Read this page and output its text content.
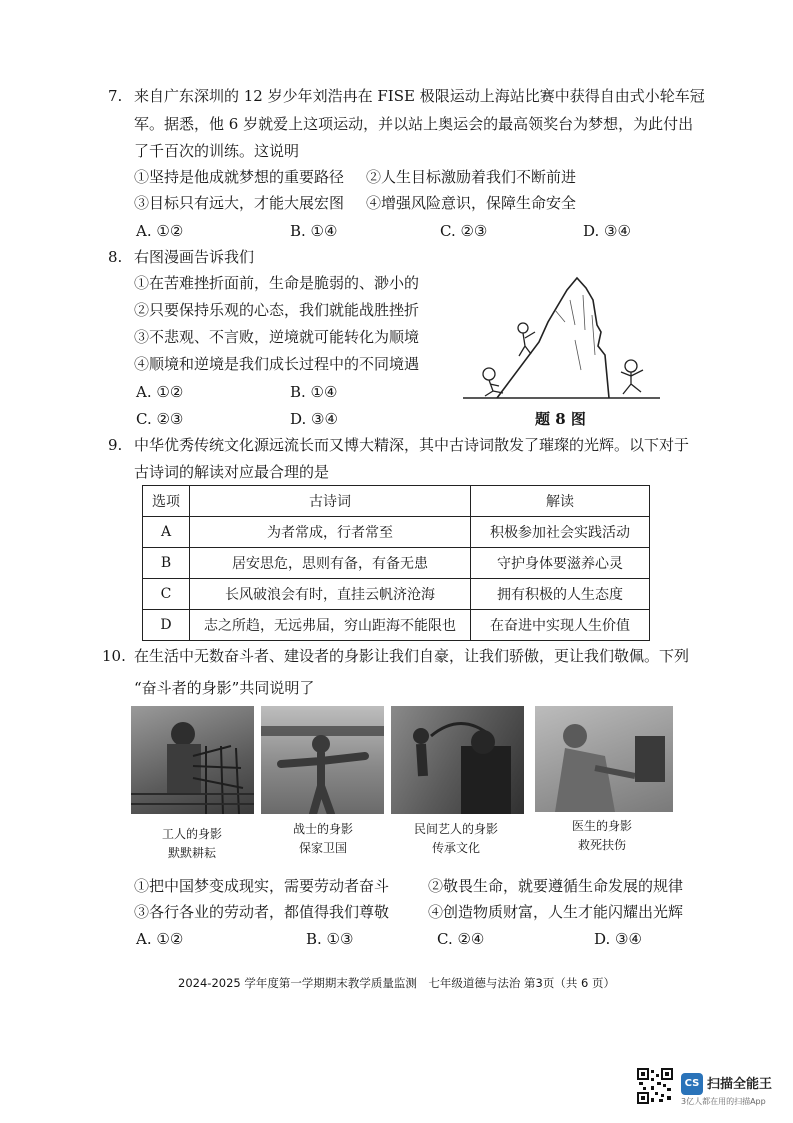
7. 来自广东深圳的 12 岁少年刘浩冉在 FISE 极限运动上海站比赛中获得自由式小轮车冠
军。据悉，他 6 岁就爱上这项运动，并以站上奥运会的最高领奖台为梦想，为此付出
了千百次的训练。这说明
①坚持是他成就梦想的重要路径 ②人生目标激励着我们不断前进
③目标只有远大，才能大展宏图 ④增强风险意识，保障生命安全
A. ①②	B. ①④	C. ②③	D. ③④
8. 右图漫画告诉我们
①在苦难挫折面前，生命是脆弱的、渺小的
②只要保持乐观的心态，我们就能战胜挫折
③不悲观、不言败，逆境就可能转化为顺境
④顺境和逆境是我们成长过程中的不同境遇
A. ①②	B. ①④
C. ②③	D. ③④	题 8 图
9. 中华优秀传统文化源远流长而又博大精深，其中古诗词散发了璀璨的光辉。以下对于
古诗词的解读对应最合理的是
选项	古诗词	解读
A	为者常成，行者常至	积极参加社会实践活动
B	居安思危，思则有备，有备无患	守护身体要滋养心灵
C	长风破浪会有时，直挂云帆济沧海	拥有积极的人生态度
D	志之所趋，无远弗届，穷山距海不能限也	在奋进中实现人生价值
10. 在生活中无数奋斗者、建设者的身影让我们自豪，让我们骄傲，更让我们敬佩。下列
“奋斗者的身影”共同说明了
工人的身影
默默耕耘
战士的身影
保家卫国
民间艺人的身影
传承文化
医生的身影
救死扶伤
①把中国梦变成现实，需要劳动者奋斗	②敬畏生命，就要遵循生命发展的规律
③各行各业的劳动者，都值得我们尊敬	④创造物质财富，人生才能闪耀出光辉
A. ①②	B. ①③	C. ②④	D. ③④
2024-2025 学年度第一学期期末教学质量监测　七年级道德与法治 第3页（共 6 页）
CS 扫描全能王
3亿人都在用的扫描App
